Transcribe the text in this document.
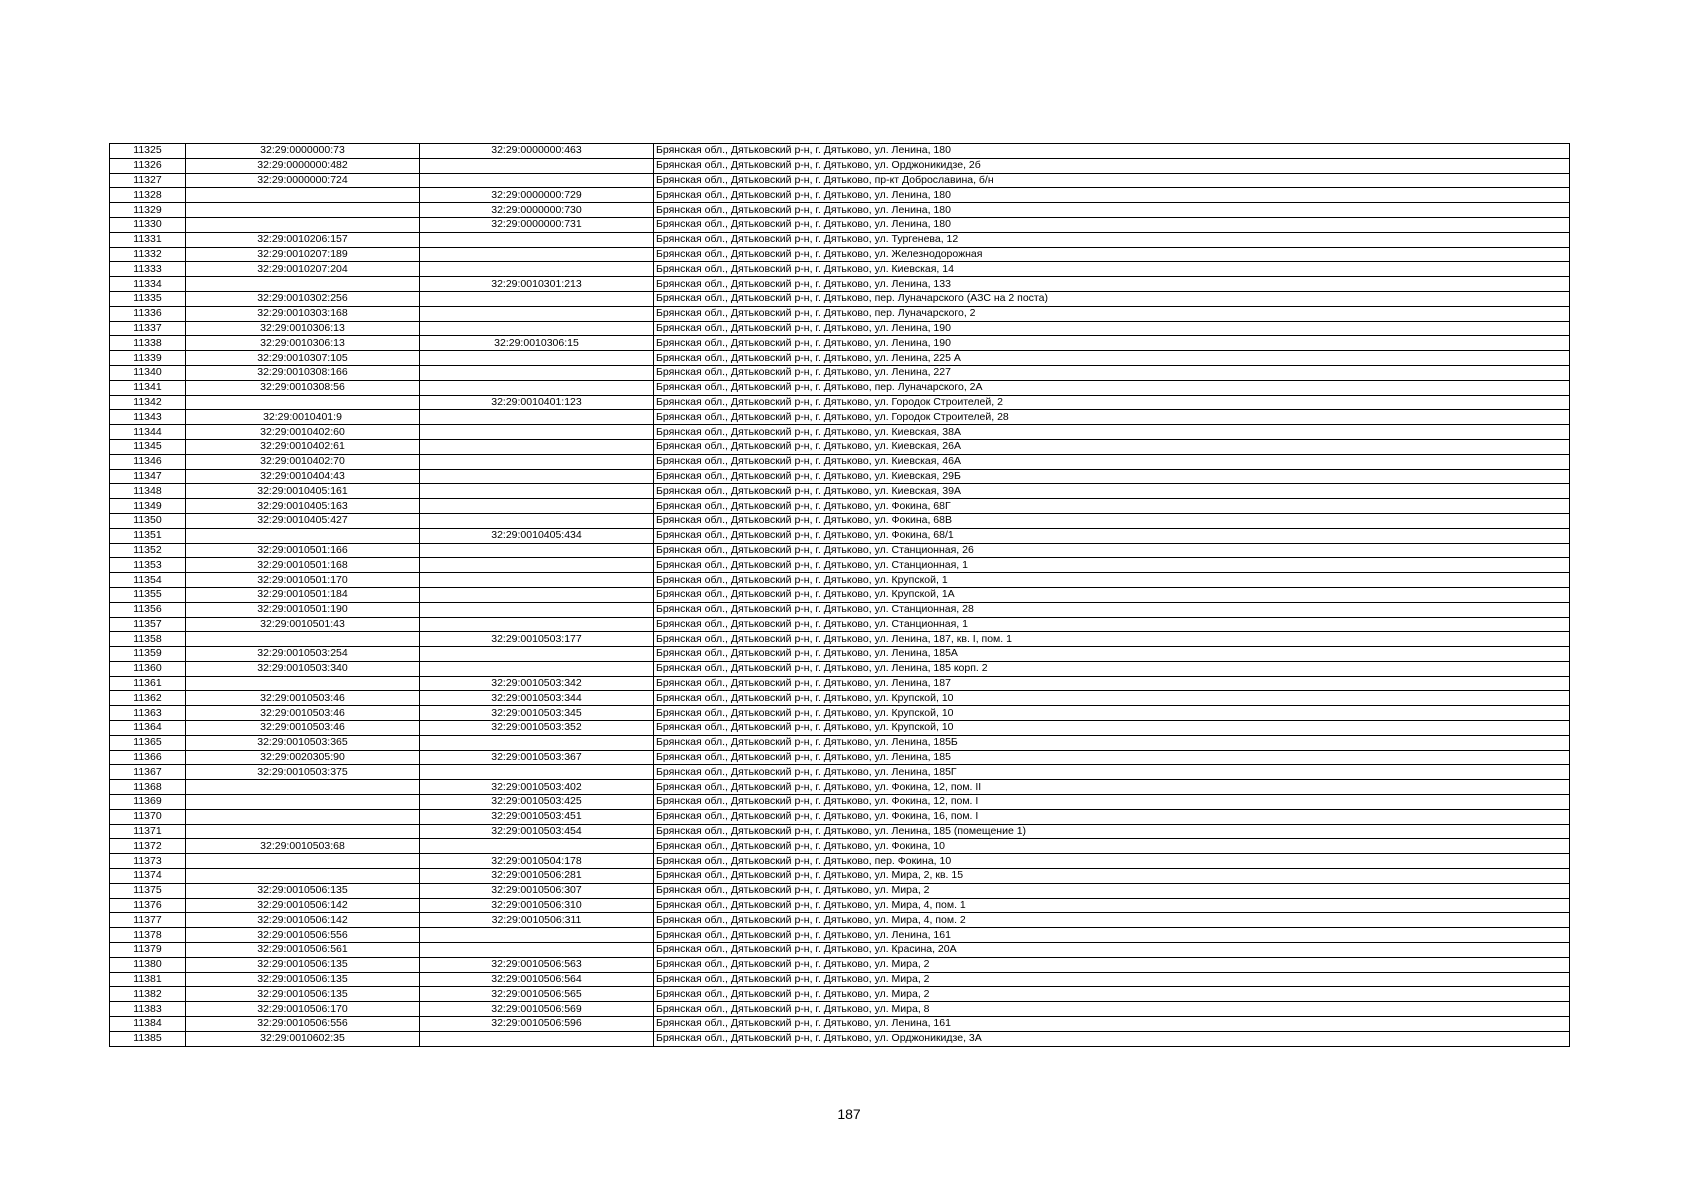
11325	32:29:0000000:73	32:29:0000000:463	Брянская обл., Дятьковский р-н, г. Дятьково, ул. Ленина, 180
11326	32:29:0000000:482		Брянская обл., Дятьковский р-н, г. Дятьково, ул. Орджоникидзе, 2б
11327	32:29:0000000:724		Брянская обл., Дятьковский р-н, г. Дятьково, пр-кт Доброславина, б/н
11328		32:29:0000000:729	Брянская обл., Дятьковский р-н, г. Дятьково, ул. Ленина, 180
11329		32:29:0000000:730	Брянская обл., Дятьковский р-н, г. Дятьково, ул. Ленина, 180
11330		32:29:0000000:731	Брянская обл., Дятьковский р-н, г. Дятьково, ул. Ленина, 180
11331	32:29:0010206:157		Брянская обл., Дятьковский р-н, г. Дятьково, ул. Тургенева, 12
11332	32:29:0010207:189		Брянская обл., Дятьковский р-н, г. Дятьково, ул. Железнодорожная
11333	32:29:0010207:204		Брянская обл., Дятьковский р-н, г. Дятьково, ул. Киевская, 14
11334		32:29:0010301:213	Брянская обл., Дятьковский р-н, г. Дятьково, ул. Ленина, 133
11335	32:29:0010302:256		Брянская обл., Дятьковский р-н, г. Дятьково, пер. Луначарского (АЗС на 2 поста)
11336	32:29:0010303:168		Брянская обл., Дятьковский р-н, г. Дятьково, пер. Луначарского, 2
11337	32:29:0010306:13		Брянская обл., Дятьковский р-н, г. Дятьково, ул. Ленина, 190
11338	32:29:0010306:13	32:29:0010306:15	Брянская обл., Дятьковский р-н, г. Дятьково, ул. Ленина, 190
11339	32:29:0010307:105		Брянская обл., Дятьковский р-н, г. Дятьково, ул. Ленина, 225 А
11340	32:29:0010308:166		Брянская обл., Дятьковский р-н, г. Дятьково, ул. Ленина, 227
11341	32:29:0010308:56		Брянская обл., Дятьковский р-н, г. Дятьково, пер. Луначарского, 2А
11342		32:29:0010401:123	Брянская обл., Дятьковский р-н, г. Дятьково, ул. Городок Строителей, 2
11343	32:29:0010401:9		Брянская обл., Дятьковский р-н, г. Дятьково, ул. Городок Строителей, 28
11344	32:29:0010402:60		Брянская обл., Дятьковский р-н, г. Дятьково, ул. Киевская, 38А
11345	32:29:0010402:61		Брянская обл., Дятьковский р-н, г. Дятьково, ул. Киевская, 26А
11346	32:29:0010402:70		Брянская обл., Дятьковский р-н, г. Дятьково, ул. Киевская, 46А
11347	32:29:0010404:43		Брянская обл., Дятьковский р-н, г. Дятьково, ул. Киевская, 29Б
11348	32:29:0010405:161		Брянская обл., Дятьковский р-н, г. Дятьково, ул. Киевская, 39А
11349	32:29:0010405:163		Брянская обл., Дятьковский р-н, г. Дятьково, ул. Фокина, 68Г
11350	32:29:0010405:427		Брянская обл., Дятьковский р-н, г. Дятьково, ул. Фокина, 68В
11351		32:29:0010405:434	Брянская обл., Дятьковский р-н, г. Дятьково, ул. Фокина, 68/1
11352	32:29:0010501:166		Брянская обл., Дятьковский р-н, г. Дятьково, ул. Станционная, 26
11353	32:29:0010501:168		Брянская обл., Дятьковский р-н, г. Дятьково, ул. Станционная, 1
11354	32:29:0010501:170		Брянская обл., Дятьковский р-н, г. Дятьково, ул. Крупской, 1
11355	32:29:0010501:184		Брянская обл., Дятьковский р-н, г. Дятьково, ул. Крупской, 1А
11356	32:29:0010501:190		Брянская обл., Дятьковский р-н, г. Дятьково, ул. Станционная, 28
11357	32:29:0010501:43		Брянская обл., Дятьковский р-н, г. Дятьково, ул. Станционная, 1
11358		32:29:0010503:177	Брянская обл., Дятьковский р-н, г. Дятьково, ул. Ленина, 187, кв. I, пом. 1
11359	32:29:0010503:254		Брянская обл., Дятьковский р-н, г. Дятьково, ул. Ленина, 185А
11360	32:29:0010503:340		Брянская обл., Дятьковский р-н, г. Дятьково, ул. Ленина, 185 корп. 2
11361		32:29:0010503:342	Брянская обл., Дятьковский р-н, г. Дятьково, ул. Ленина, 187
11362	32:29:0010503:46	32:29:0010503:344	Брянская обл., Дятьковский р-н, г. Дятьково, ул. Крупской, 10
11363	32:29:0010503:46	32:29:0010503:345	Брянская обл., Дятьковский р-н, г. Дятьково, ул. Крупской, 10
11364	32:29:0010503:46	32:29:0010503:352	Брянская обл., Дятьковский р-н, г. Дятьково, ул. Крупской, 10
11365	32:29:0010503:365		Брянская обл., Дятьковский р-н, г. Дятьково, ул. Ленина, 185Б
11366	32:29:0020305:90	32:29:0010503:367	Брянская обл., Дятьковский р-н, г. Дятьково, ул. Ленина, 185
11367	32:29:0010503:375		Брянская обл., Дятьковский р-н, г. Дятьково, ул. Ленина, 185Г
11368		32:29:0010503:402	Брянская обл., Дятьковский р-н, г. Дятьково, ул. Фокина, 12, пом. II
11369		32:29:0010503:425	Брянская обл., Дятьковский р-н, г. Дятьково, ул. Фокина, 12, пом. I
11370		32:29:0010503:451	Брянская обл., Дятьковский р-н, г. Дятьково, ул. Фокина, 16, пом. I
11371		32:29:0010503:454	Брянская обл., Дятьковский р-н, г. Дятьково, ул. Ленина, 185 (помещение 1)
11372	32:29:0010503:68		Брянская обл., Дятьковский р-н, г. Дятьково, ул. Фокина, 10
11373		32:29:0010504:178	Брянская обл., Дятьковский р-н, г. Дятьково, пер. Фокина, 10
11374		32:29:0010506:281	Брянская обл., Дятьковский р-н, г. Дятьково, ул. Мира, 2, кв. 15
11375	32:29:0010506:135	32:29:0010506:307	Брянская обл., Дятьковский р-н, г. Дятьково, ул. Мира, 2
11376	32:29:0010506:142	32:29:0010506:310	Брянская обл., Дятьковский р-н, г. Дятьково, ул. Мира, 4, пом. 1
11377	32:29:0010506:142	32:29:0010506:311	Брянская обл., Дятьковский р-н, г. Дятьково, ул. Мира, 4, пом. 2
11378	32:29:0010506:556		Брянская обл., Дятьковский р-н, г. Дятьково, ул. Ленина, 161
11379	32:29:0010506:561		Брянская обл., Дятьковский р-н, г. Дятьково, ул. Красина, 20А
11380	32:29:0010506:135	32:29:0010506:563	Брянская обл., Дятьковский р-н, г. Дятьково, ул. Мира, 2
11381	32:29:0010506:135	32:29:0010506:564	Брянская обл., Дятьковский р-н, г. Дятьково, ул. Мира, 2
11382	32:29:0010506:135	32:29:0010506:565	Брянская обл., Дятьковский р-н, г. Дятьково, ул. Мира, 2
11383	32:29:0010506:170	32:29:0010506:569	Брянская обл., Дятьковский р-н, г. Дятьково, ул. Мира, 8
11384	32:29:0010506:556	32:29:0010506:596	Брянская обл., Дятьковский р-н, г. Дятьково, ул. Ленина, 161
11385	32:29:0010602:35		Брянская обл., Дятьковский р-н, г. Дятьково, ул. Орджоникидзе, 3А
187
